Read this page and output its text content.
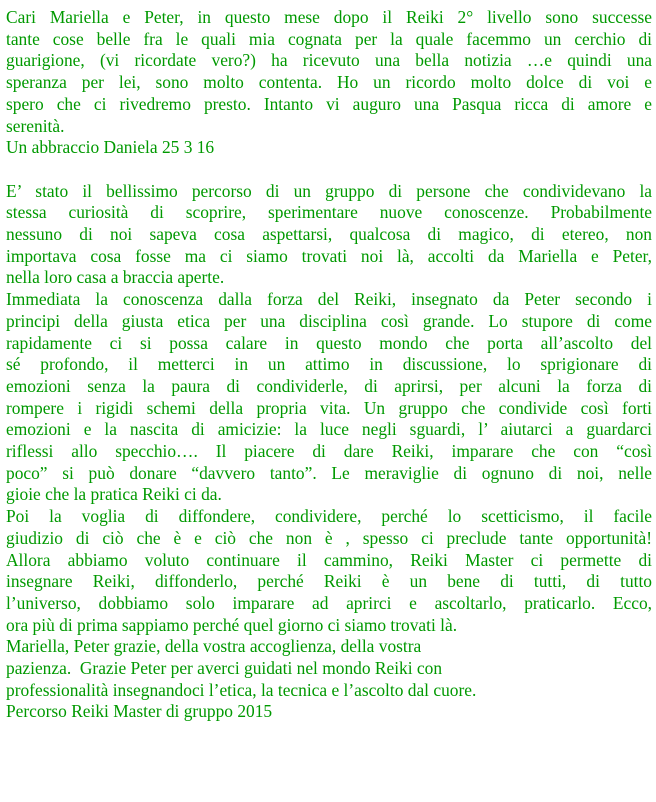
Cari Mariella e Peter, in questo mese dopo il Reiki 2° livello sono successe
tante cose belle fra le quali mia cognata per la quale facemmo un cerchio di
guarigione, (vi ricordate vero?) ha ricevuto una bella notizia …e quindi una
speranza per lei, sono molto contenta. Ho un ricordo molto dolce di voi e
spero che ci rivedremo presto. Intanto vi auguro una Pasqua ricca di amore e
serenità.
Un abbraccio Daniela 25 3 16
E’ stato il bellissimo percorso di un gruppo di persone che condividevano la
stessa curiosità di scoprire, sperimentare nuove conoscenze. Probabilmente
nessuno di noi sapeva cosa aspettarsi, qualcosa di magico, di etereo, non
importava cosa fosse ma ci siamo trovati noi là, accolti da Mariella e Peter,
nella loro casa a braccia aperte.
Immediata la conoscenza dalla forza del Reiki, insegnato da Peter secondo i
principi della giusta etica per una disciplina così grande. Lo stupore di come
rapidamente ci si possa calare in questo mondo che porta all’ascolto del
sé profondo, il metterci in un attimo in discussione, lo sprigionare di
emozioni senza la paura di condividerle, di aprirsi, per alcuni la forza di
rompere i rigidi schemi della propria vita. Un gruppo che condivide così forti
emozioni e la nascita di amicizie: la luce negli sguardi, l’ aiutarci a guardarci
riflessi allo specchio…. Il piacere di dare Reiki, imparare che con “così
poco” si può donare “davvero tanto”. Le meraviglie di ognuno di noi, nelle
gioie che la pratica Reiki ci da.
Poi la voglia di diffondere, condividere, perché lo scetticismo, il facile
giudizio di ciò che è e ciò che non è , spesso ci preclude tante opportunità!
Allora abbiamo voluto continuare il cammino, Reiki Master ci permette di
insegnare Reiki, diffonderlo, perché Reiki è un bene di tutti, di tutto
l’universo, dobbiamo solo imparare ad aprirci e ascoltarlo, praticarlo. Ecco,
ora più di prima sappiamo perché quel giorno ci siamo trovati là.
Mariella, Peter grazie, della vostra accoglienza, della vostra
pazienza.  Grazie Peter per averci guidati nel mondo Reiki con
professionalità insegnandoci l’etica, la tecnica e l’ascolto dal cuore.
Percorso Reiki Master di gruppo 2015
